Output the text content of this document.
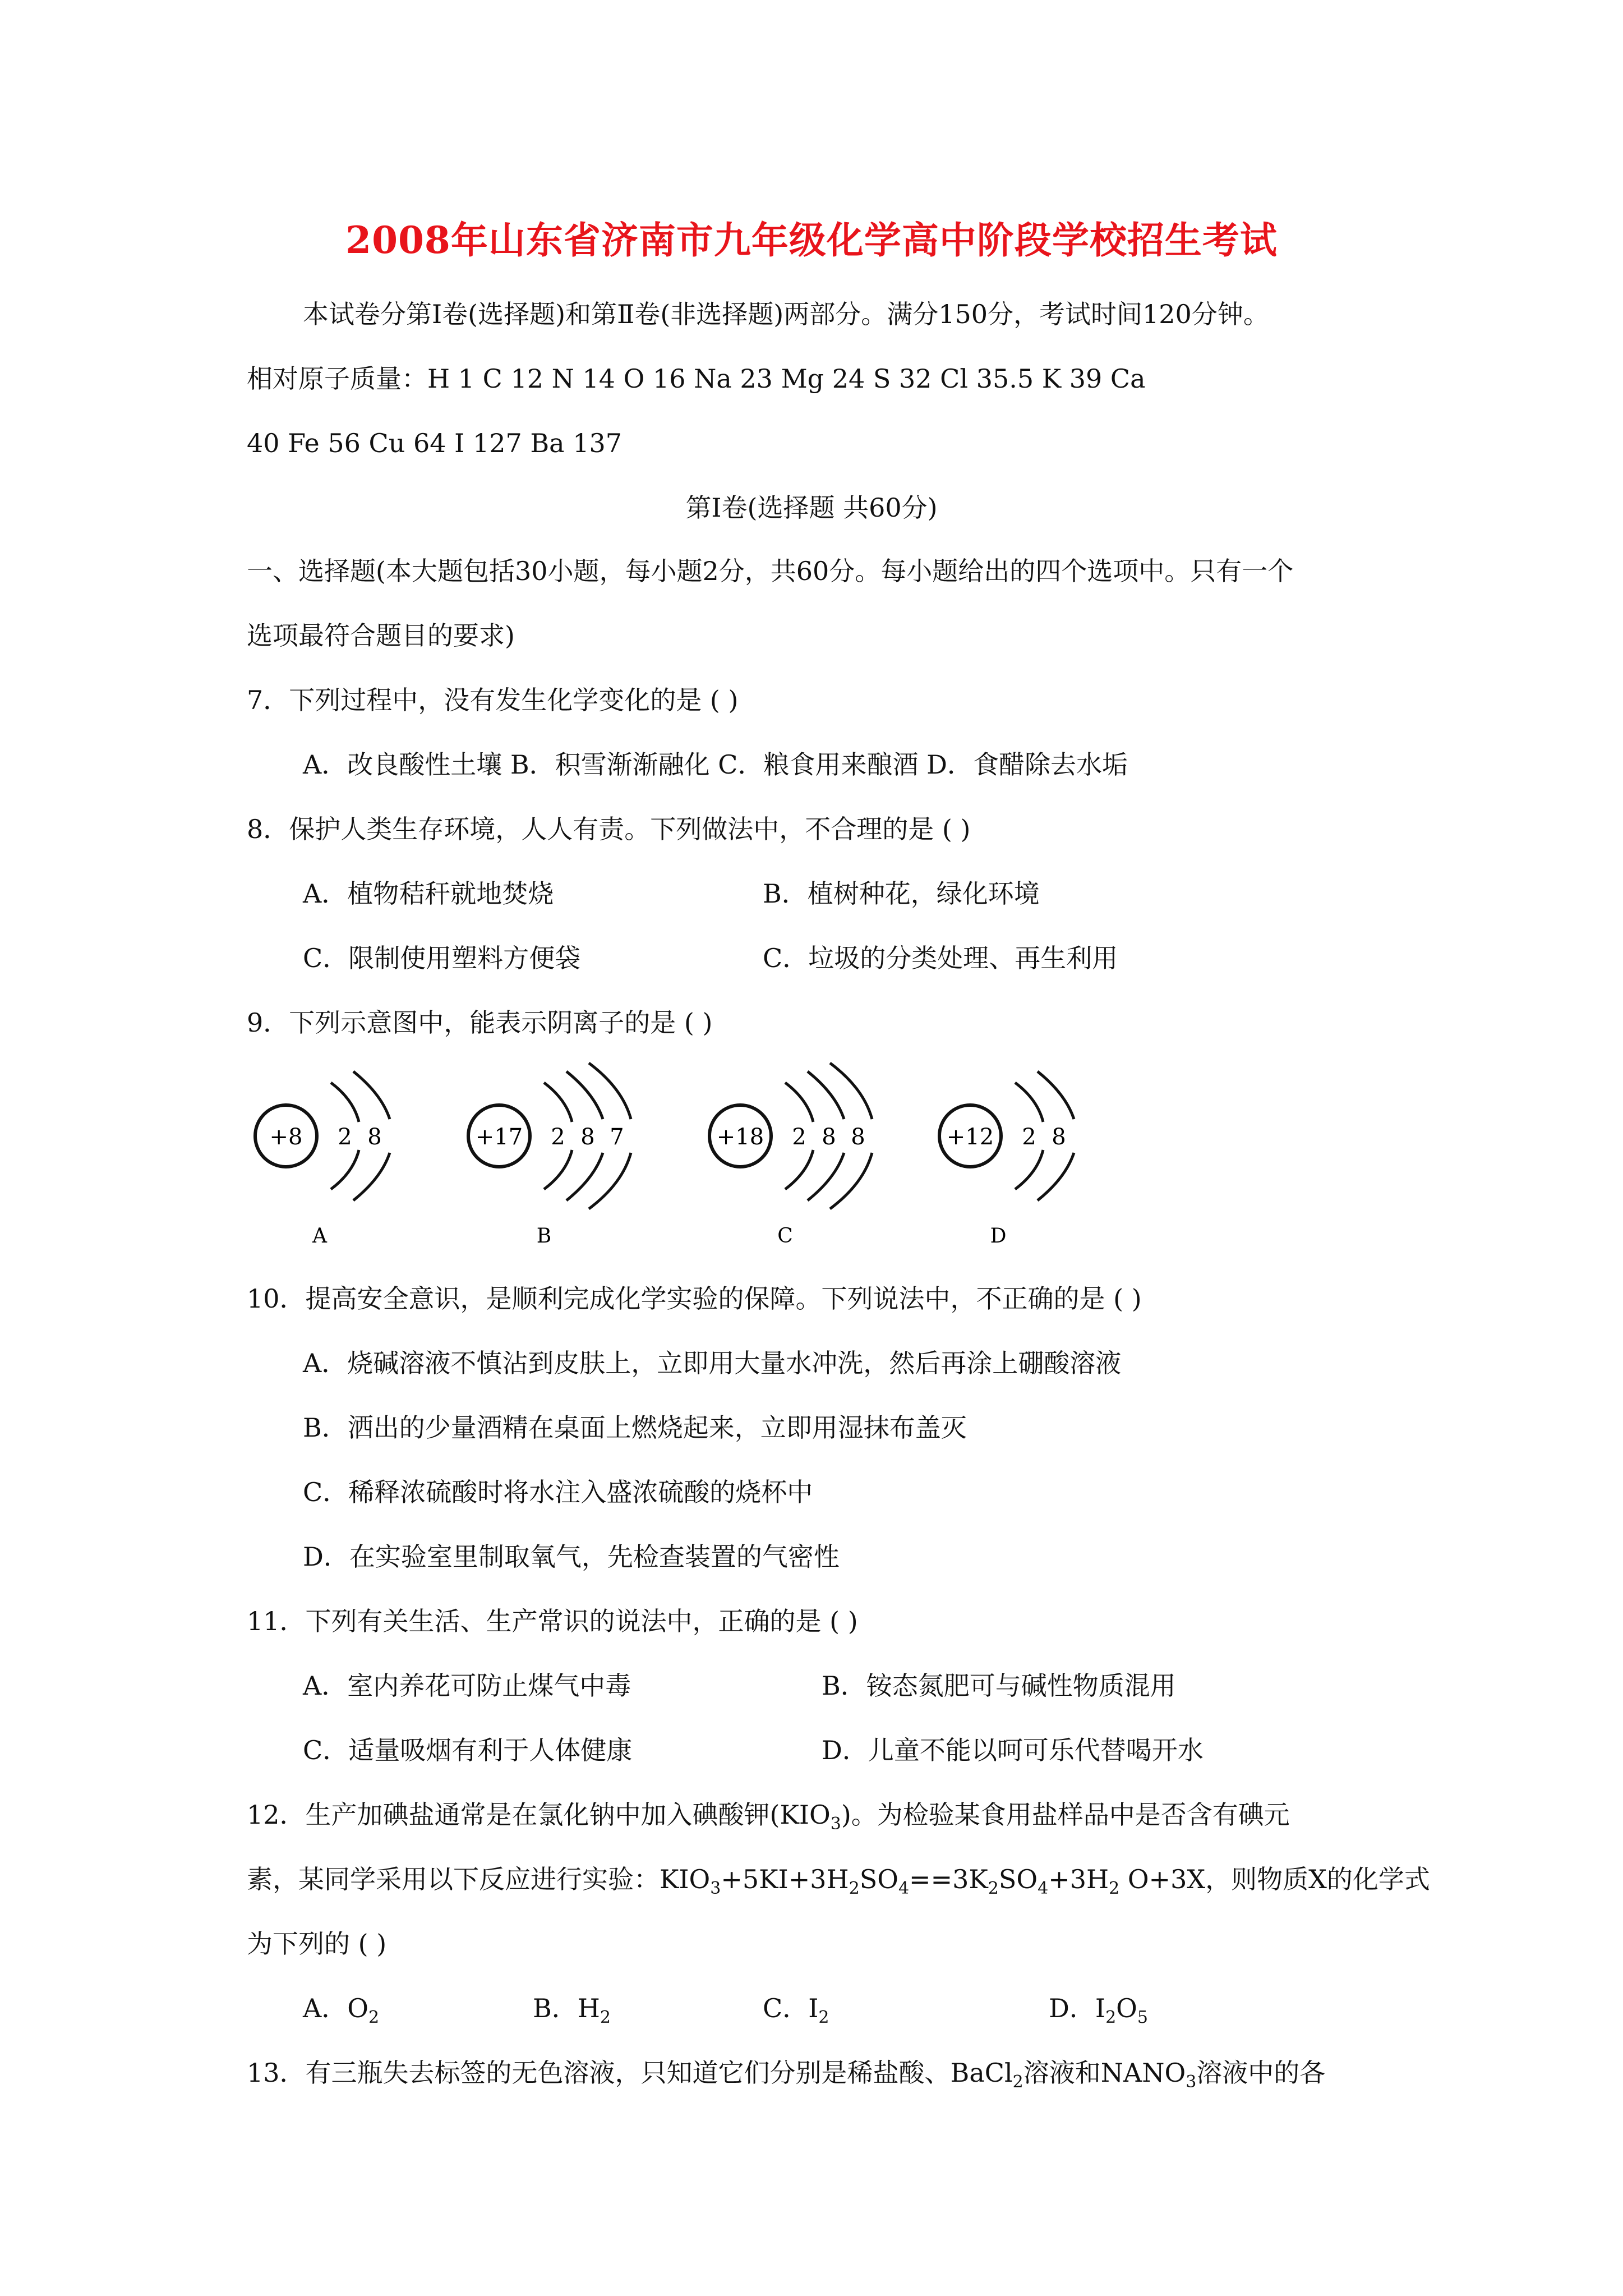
2008年山东省济南市九年级化学高中阶段学校招生考试
本试卷分第Ⅰ卷(选择题)和第Ⅱ卷(非选择题)两部分。满分150分，考试时间120分钟。
相对原子质量：H 1 C 12 N 14 O 16 Na 23 Mg 24 S 32 Cl 35.5 K 39 Ca
40 Fe 56 Cu 64 I 127 Ba 137
第Ⅰ卷(选择题 共60分)
一、选择题(本大题包括30小题，每小题2分，共60分。每小题给出的四个选项中。只有一个
选项最符合题目的要求)
7．下列过程中，没有发生化学变化的是 ( )
A．改良酸性土壤 B．积雪渐渐融化 C．粮食用来酿酒 D．食醋除去水垢
8．保护人类生存环境，人人有责。下列做法中，不合理的是 ( )
A．植物秸秆就地焚烧	B．植树种花，绿化环境
C．限制使用塑料方便袋	C．垃圾的分类处理、再生利用
9．下列示意图中，能表示阴离子的是 ( )
+8 2 8
A
+17 2 8 7
B
+18 2 8 8
C
+12 2 8
D
10．提高安全意识，是顺利完成化学实验的保障。下列说法中，不正确的是 ( )
A．烧碱溶液不慎沾到皮肤上，立即用大量水冲洗，然后再涂上硼酸溶液
B．洒出的少量酒精在桌面上燃烧起来，立即用湿抹布盖灭
C．稀释浓硫酸时将水注入盛浓硫酸的烧杯中
D．在实验室里制取氧气，先检查装置的气密性
11．下列有关生活、生产常识的说法中，正确的是 ( )
A．室内养花可防止煤气中毒	B．铵态氮肥可与碱性物质混用
C．适量吸烟有利于人体健康	D．儿童不能以呵可乐代替喝开水
12．生产加碘盐通常是在氯化钠中加入碘酸钾$(KIO_3)$。为检验某食用盐样品中是否含有碘元
素，某同学采用以下反应进行实验：$KIO_3+5KI+3H_2SO_4==3K_2SO_4+3H_2$ O+3X，则物质X的化学式
为下列的 ( )
A．$O_2$	B．$H_2$	C．$I_2$	D．$I_2O_5$
13．有三瓶失去标签的无色溶液，只知道它们分别是稀盐酸、BaCl$_2$溶液和$NANO_3$溶液中的各
